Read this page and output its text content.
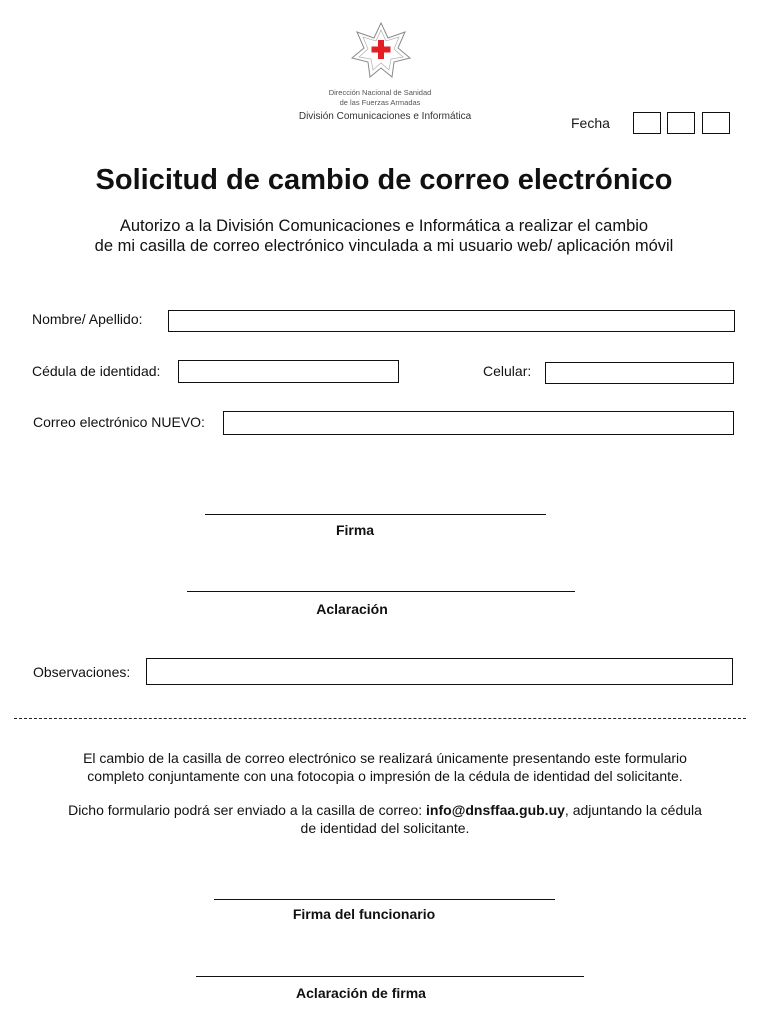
Dirección Nacional de Sanidad
de las Fuerzas Armadas
División Comunicaciones e Informática	Fecha
Solicitud de cambio de correo electrónico
Autorizo a la División Comunicaciones e Informática a realizar el cambio
de mi casilla de correo electrónico vinculada a mi usuario web/ aplicación móvil
Nombre/ Apellido:
Cédula de identidad:	Celular:
Correo electrónico NUEVO:
Firma
Aclaración
Observaciones:
El cambio de la casilla de correo electrónico se realizará únicamente presentando este formulario
completo conjuntamente con una fotocopia o impresión de la cédula de identidad del solicitante.
Dicho formulario podrá ser enviado a la casilla de correo: info@dnsffaa.gub.uy, adjuntando la cédula
de identidad del solicitante.
Firma del funcionario
Aclaración de firma
